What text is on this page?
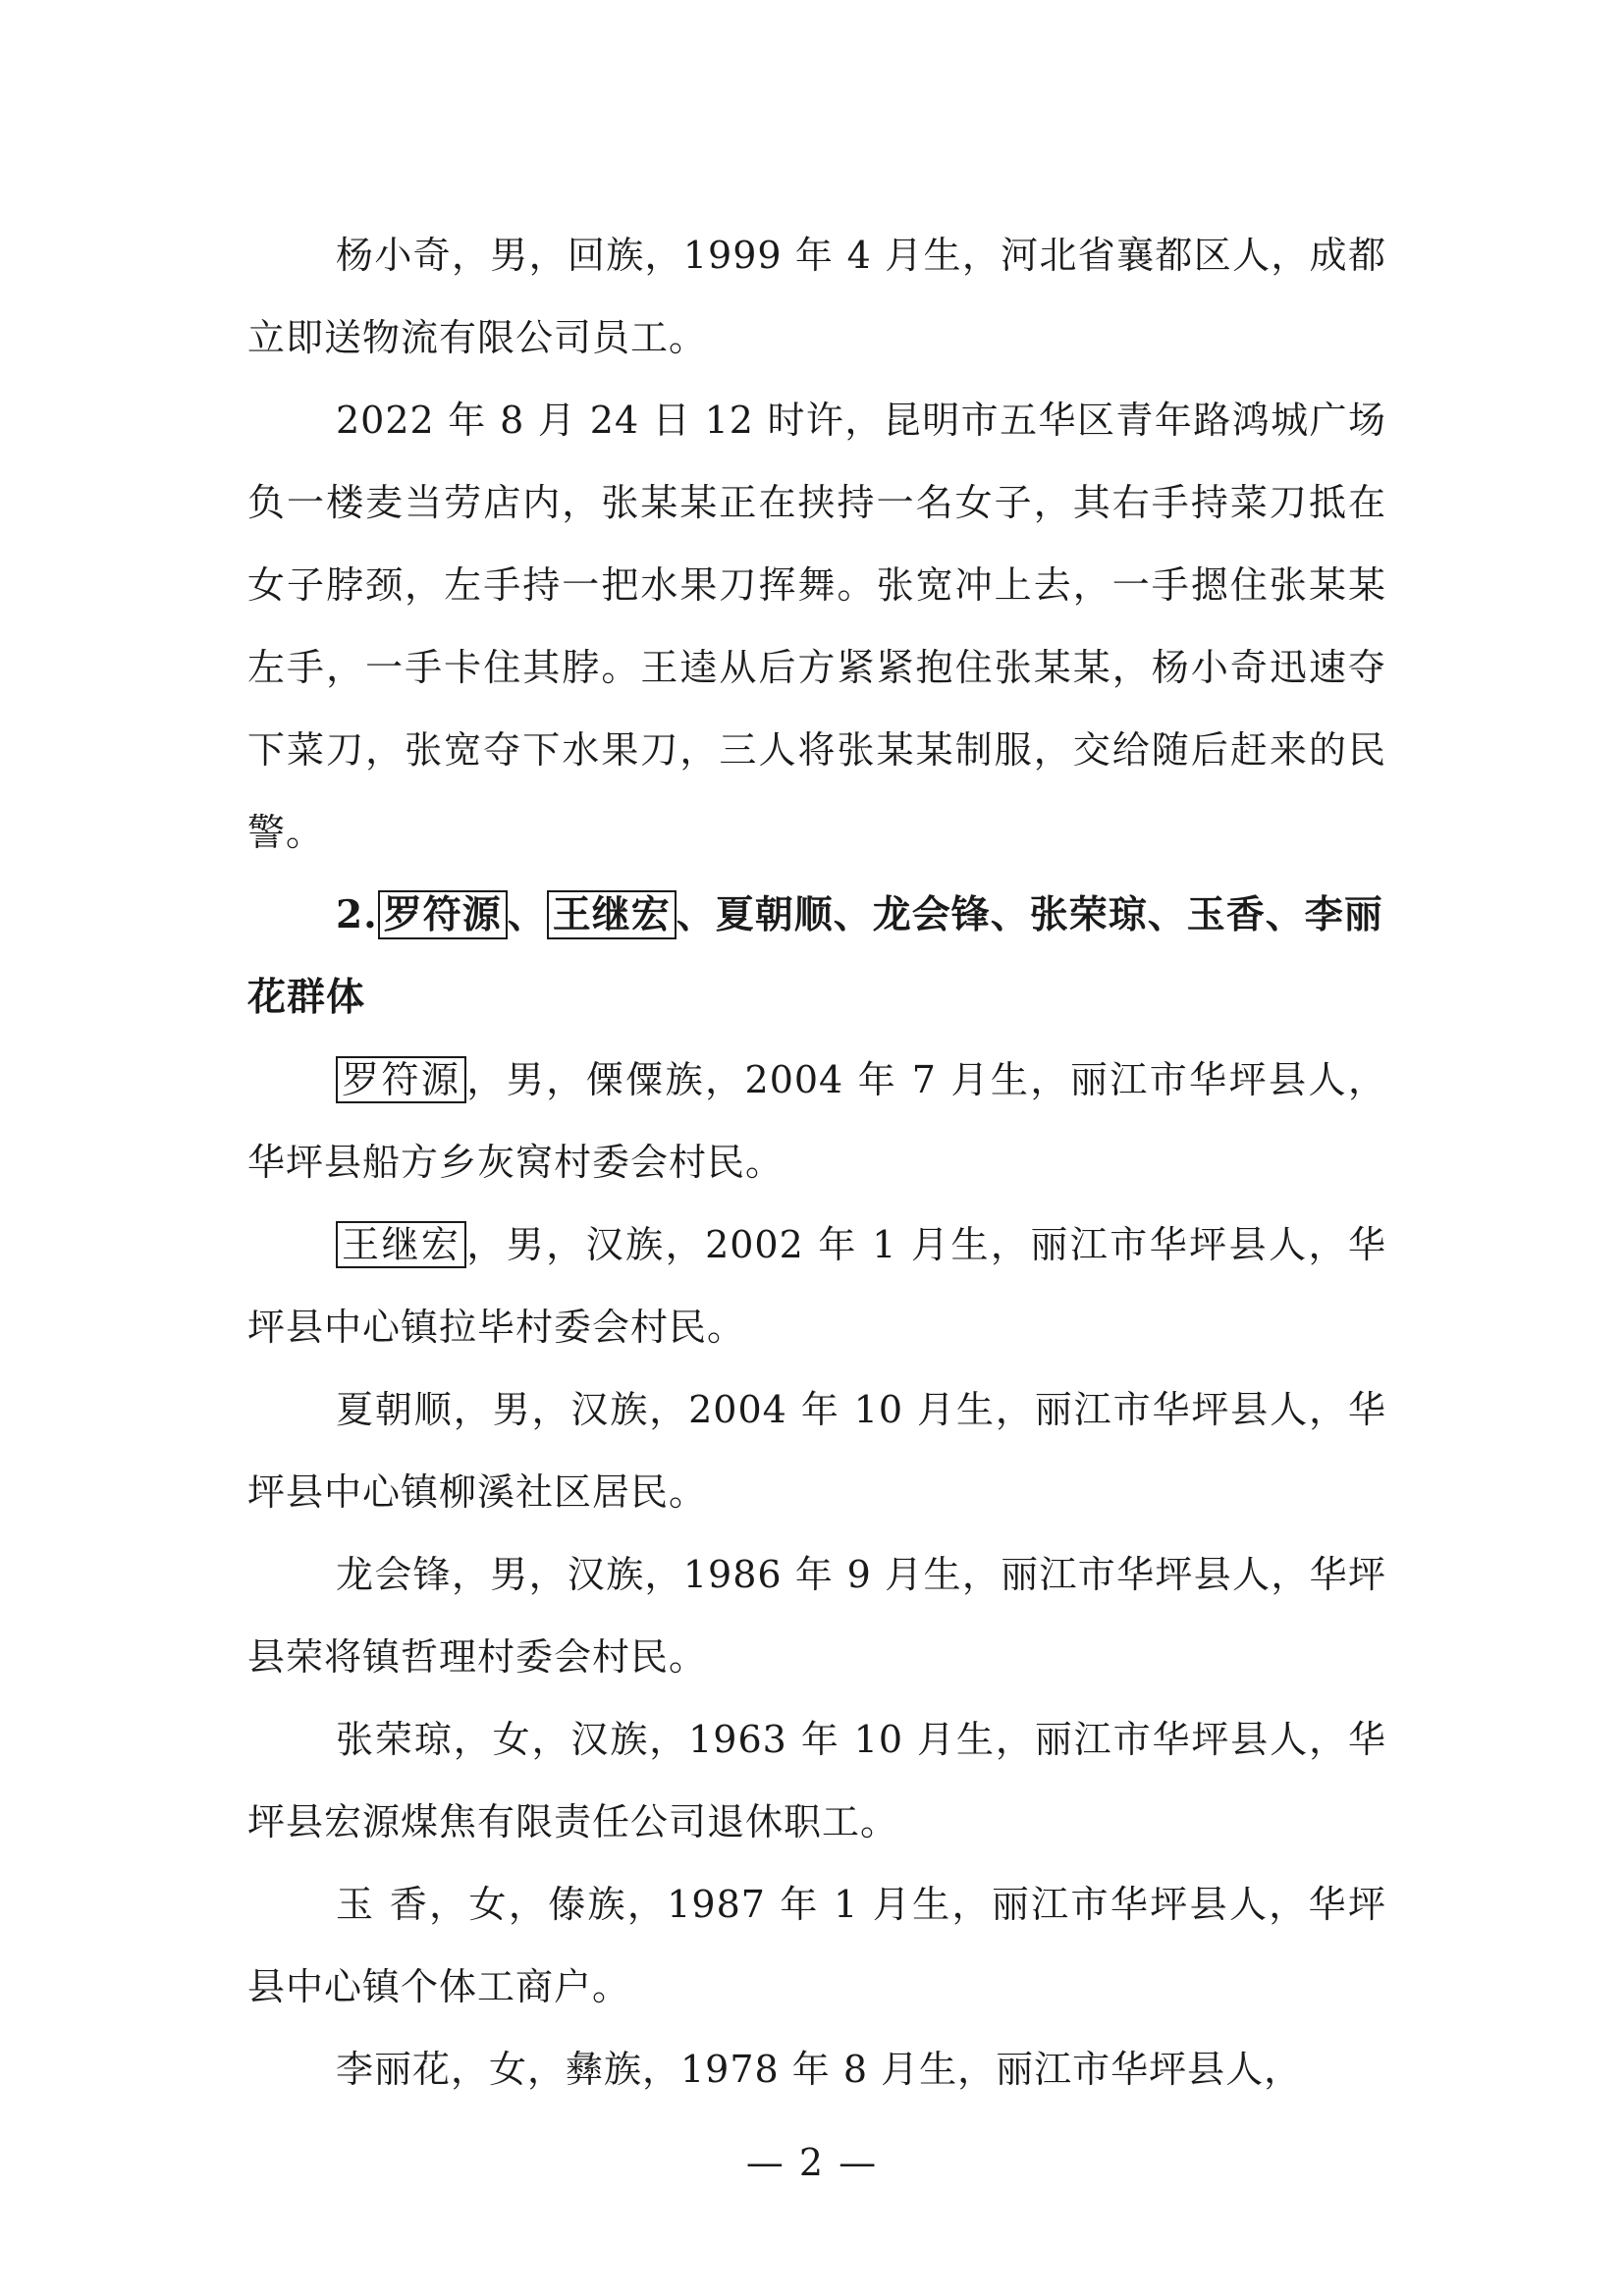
杨小奇，男，回族，1999 年 4 月生，河北省襄都区人，成都立即送物流有限公司员工。

2022 年 8 月 24 日 12 时许，昆明市五华区青年路鸿城广场负一楼麦当劳店内，张某某正在挟持一名女子，其右手持菜刀抵在女子脖颈，左手持一把水果刀挥舞。张宽冲上去，一手摁住张某某左手，一手卡住其脖。王逵从后方紧紧抱住张某某，杨小奇迅速夺下菜刀，张宽夺下水果刀，三人将张某某制服，交给随后赶来的民警。

2. 罗符源 、 王继宏 、夏朝顺、龙会锋、张荣琼、玉香、李丽花群体

罗符源 ，男，傈僳族，2004 年 7 月生，丽江市华坪县人，华坪县船方乡灰窝村委会村民。

王继宏 ，男，汉族，2002 年 1 月生，丽江市华坪县人，华坪县中心镇拉毕村委会村民。

夏朝顺，男，汉族，2004 年 10 月生，丽江市华坪县人，华坪县中心镇柳溪社区居民。

龙会锋，男，汉族，1986 年 9 月生，丽江市华坪县人，华坪县荣将镇哲理村委会村民。

张荣琼，女，汉族，1963 年 10 月生，丽江市华坪县人，华坪县宏源煤焦有限责任公司退休职工。

玉 香，女，傣族，1987 年 1 月生，丽江市华坪县人，华坪县中心镇个体工商户。

李丽花，女，彝族，1978 年 8 月生，丽江市华坪县人，

— 2 —
